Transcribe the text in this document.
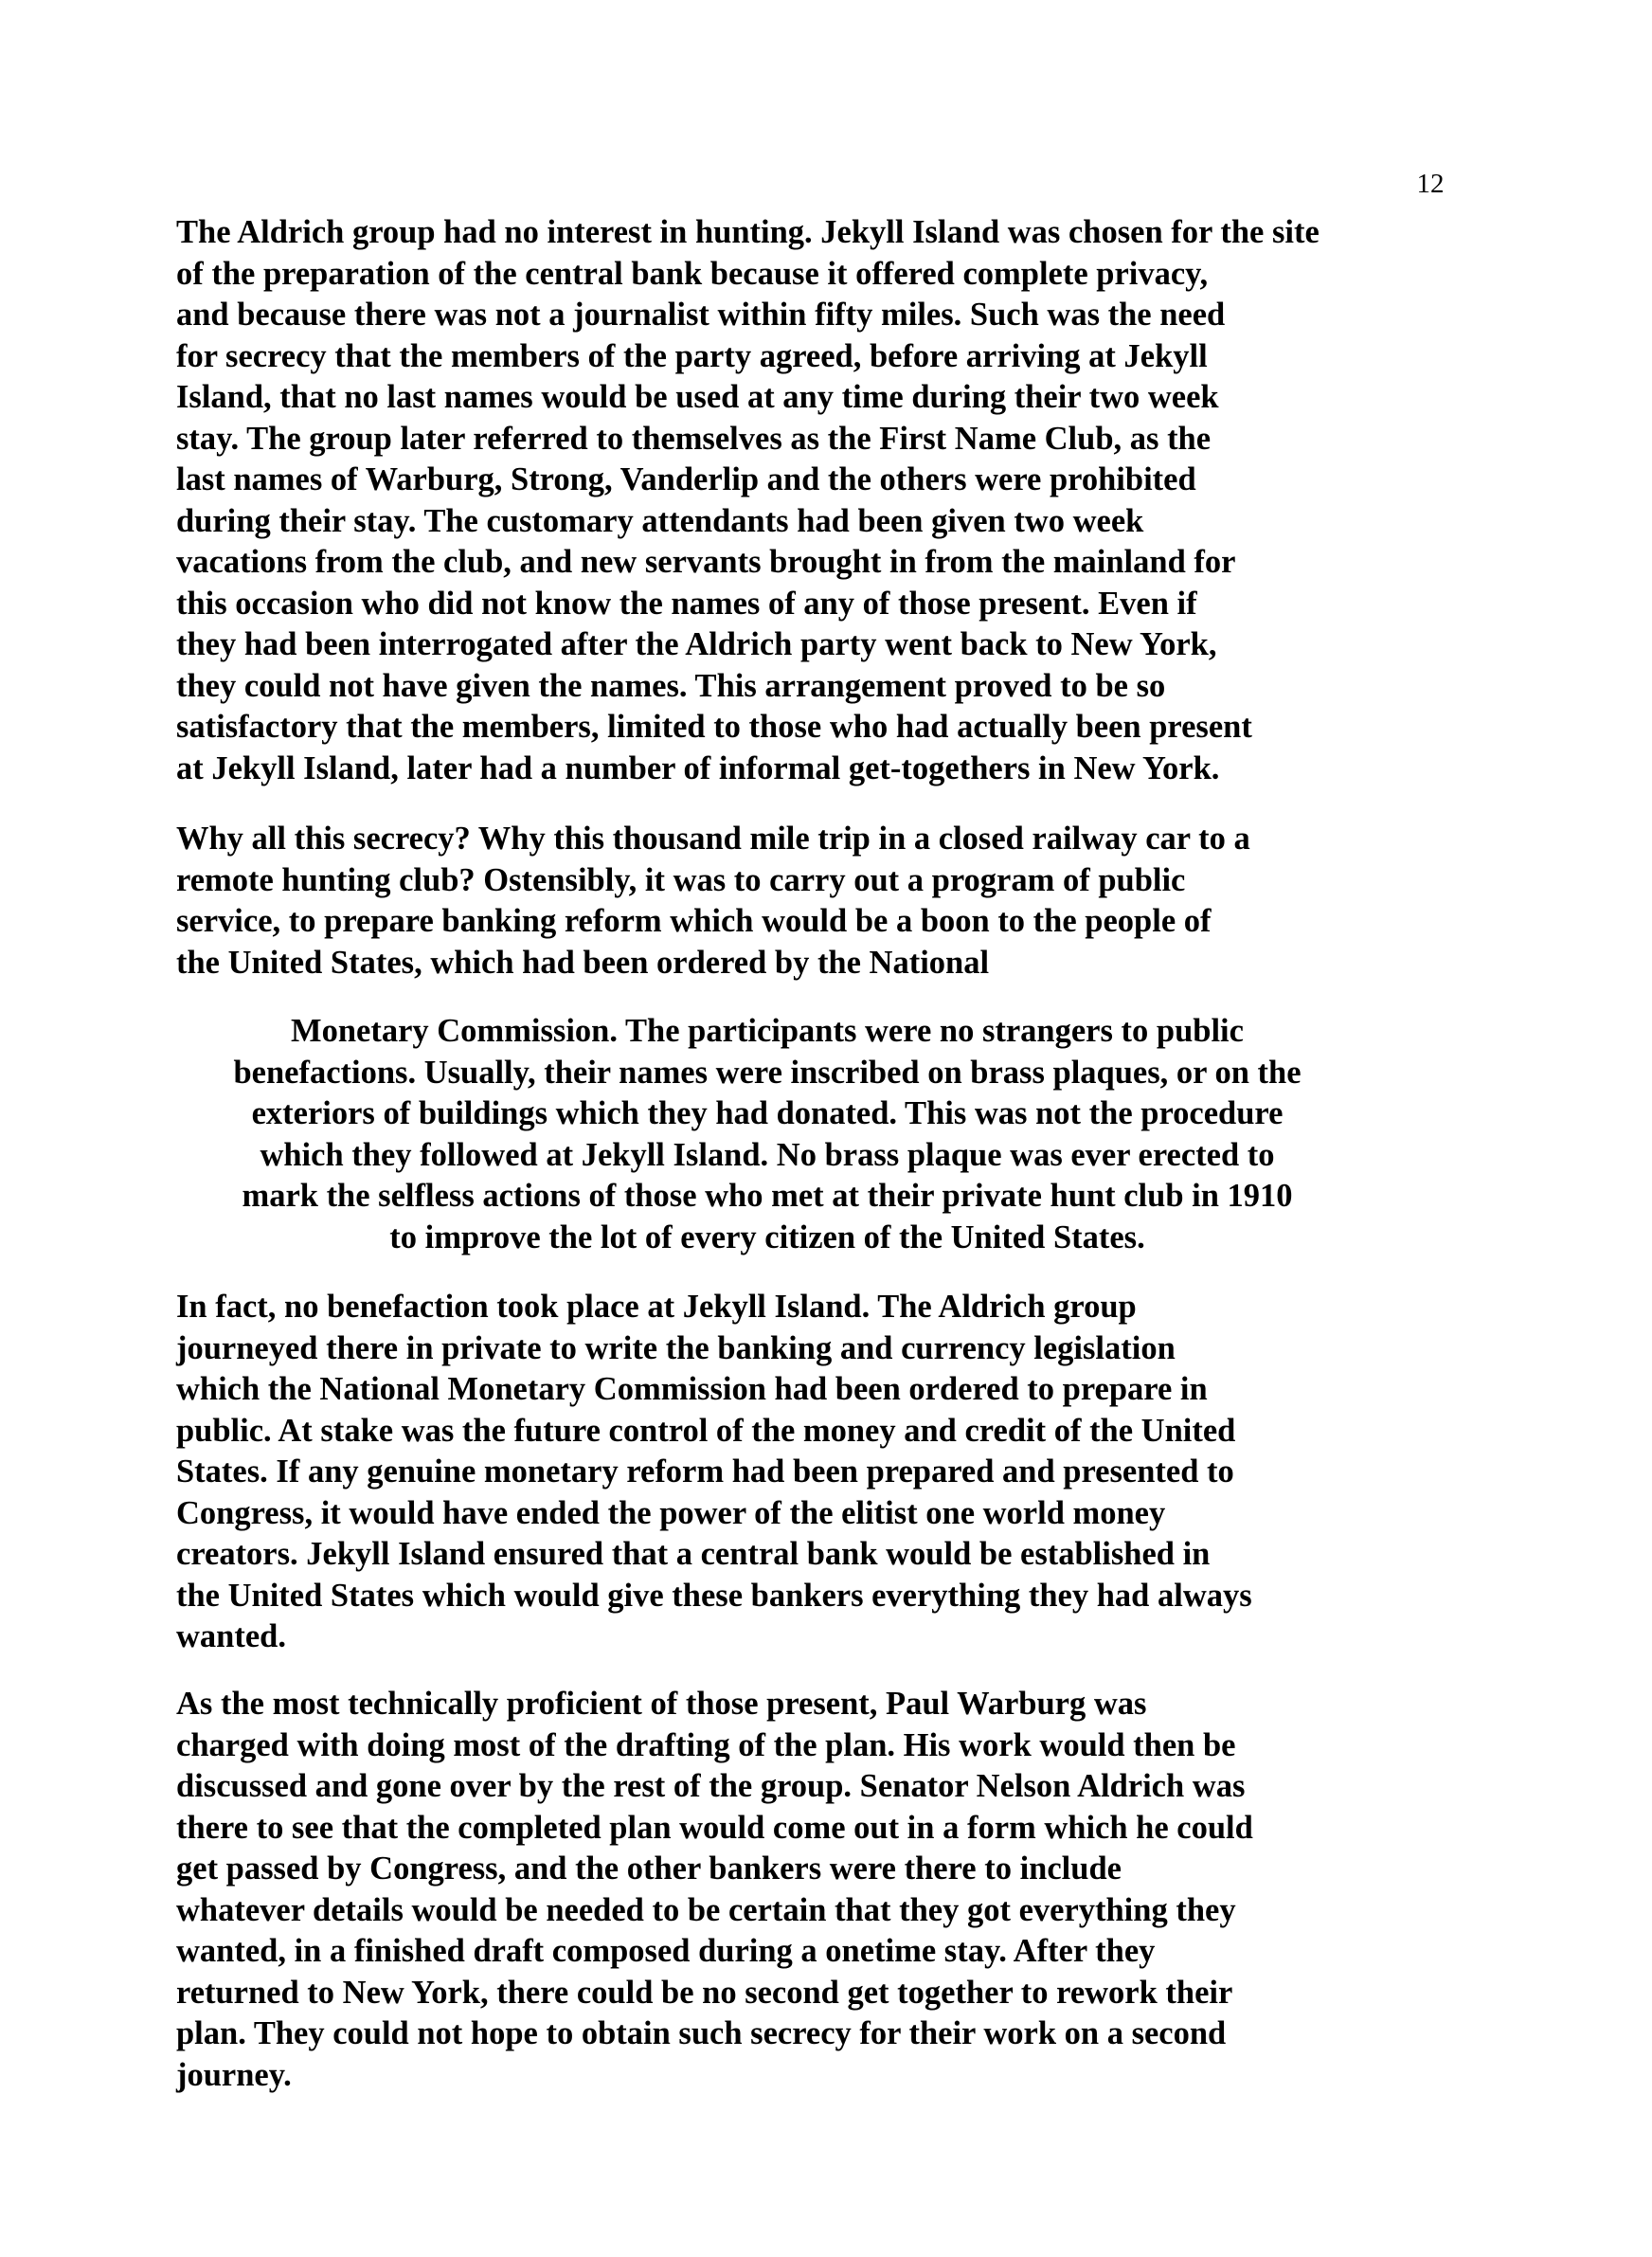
12
The Aldrich group had no interest in hunting. Jekyll Island was chosen for the site
of the preparation of the central bank because it offered complete privacy,
and because there was not a journalist within fifty miles. Such was the need
for secrecy that the members of the party agreed, before arriving at Jekyll
Island, that no last names would be used at any time during their two week
stay. The group later referred to themselves as the First Name Club, as the
last names of Warburg, Strong, Vanderlip and the others were prohibited
during their stay. The customary attendants had been given two week
vacations from the club, and new servants brought in from the mainland for
this occasion who did not know the names of any of those present. Even if
they had been interrogated after the Aldrich party went back to New York,
they could not have given the names. This arrangement proved to be so
satisfactory that the members, limited to those who had actually been present
at Jekyll Island, later had a number of informal get-togethers in New York.
Why all this secrecy? Why this thousand mile trip in a closed railway car to a
remote hunting club? Ostensibly, it was to carry out a program of public
service, to prepare banking reform which would be a boon to the people of
the United States, which had been ordered by the National
Monetary Commission. The participants were no strangers to public
benefactions. Usually, their names were inscribed on brass plaques, or on the
exteriors of buildings which they had donated. This was not the procedure
which they followed at Jekyll Island. No brass plaque was ever erected to
mark the selfless actions of those who met at their private hunt club in 1910
to improve the lot of every citizen of the United States.
In fact, no benefaction took place at Jekyll Island. The Aldrich group
journeyed there in private to write the banking and currency legislation
which the National Monetary Commission had been ordered to prepare in
public. At stake was the future control of the money and credit of the United
States. If any genuine monetary reform had been prepared and presented to
Congress, it would have ended the power of the elitist one world money
creators. Jekyll Island ensured that a central bank would be established in
the United States which would give these bankers everything they had always
wanted.
As the most technically proficient of those present, Paul Warburg was
charged with doing most of the drafting of the plan. His work would then be
discussed and gone over by the rest of the group. Senator Nelson Aldrich was
there to see that the completed plan would come out in a form which he could
get passed by Congress, and the other bankers were there to include
whatever details would be needed to be certain that they got everything they
wanted, in a finished draft composed during a onetime stay. After they
returned to New York, there could be no second get together to rework their
plan. They could not hope to obtain such secrecy for their work on a second
journey.
